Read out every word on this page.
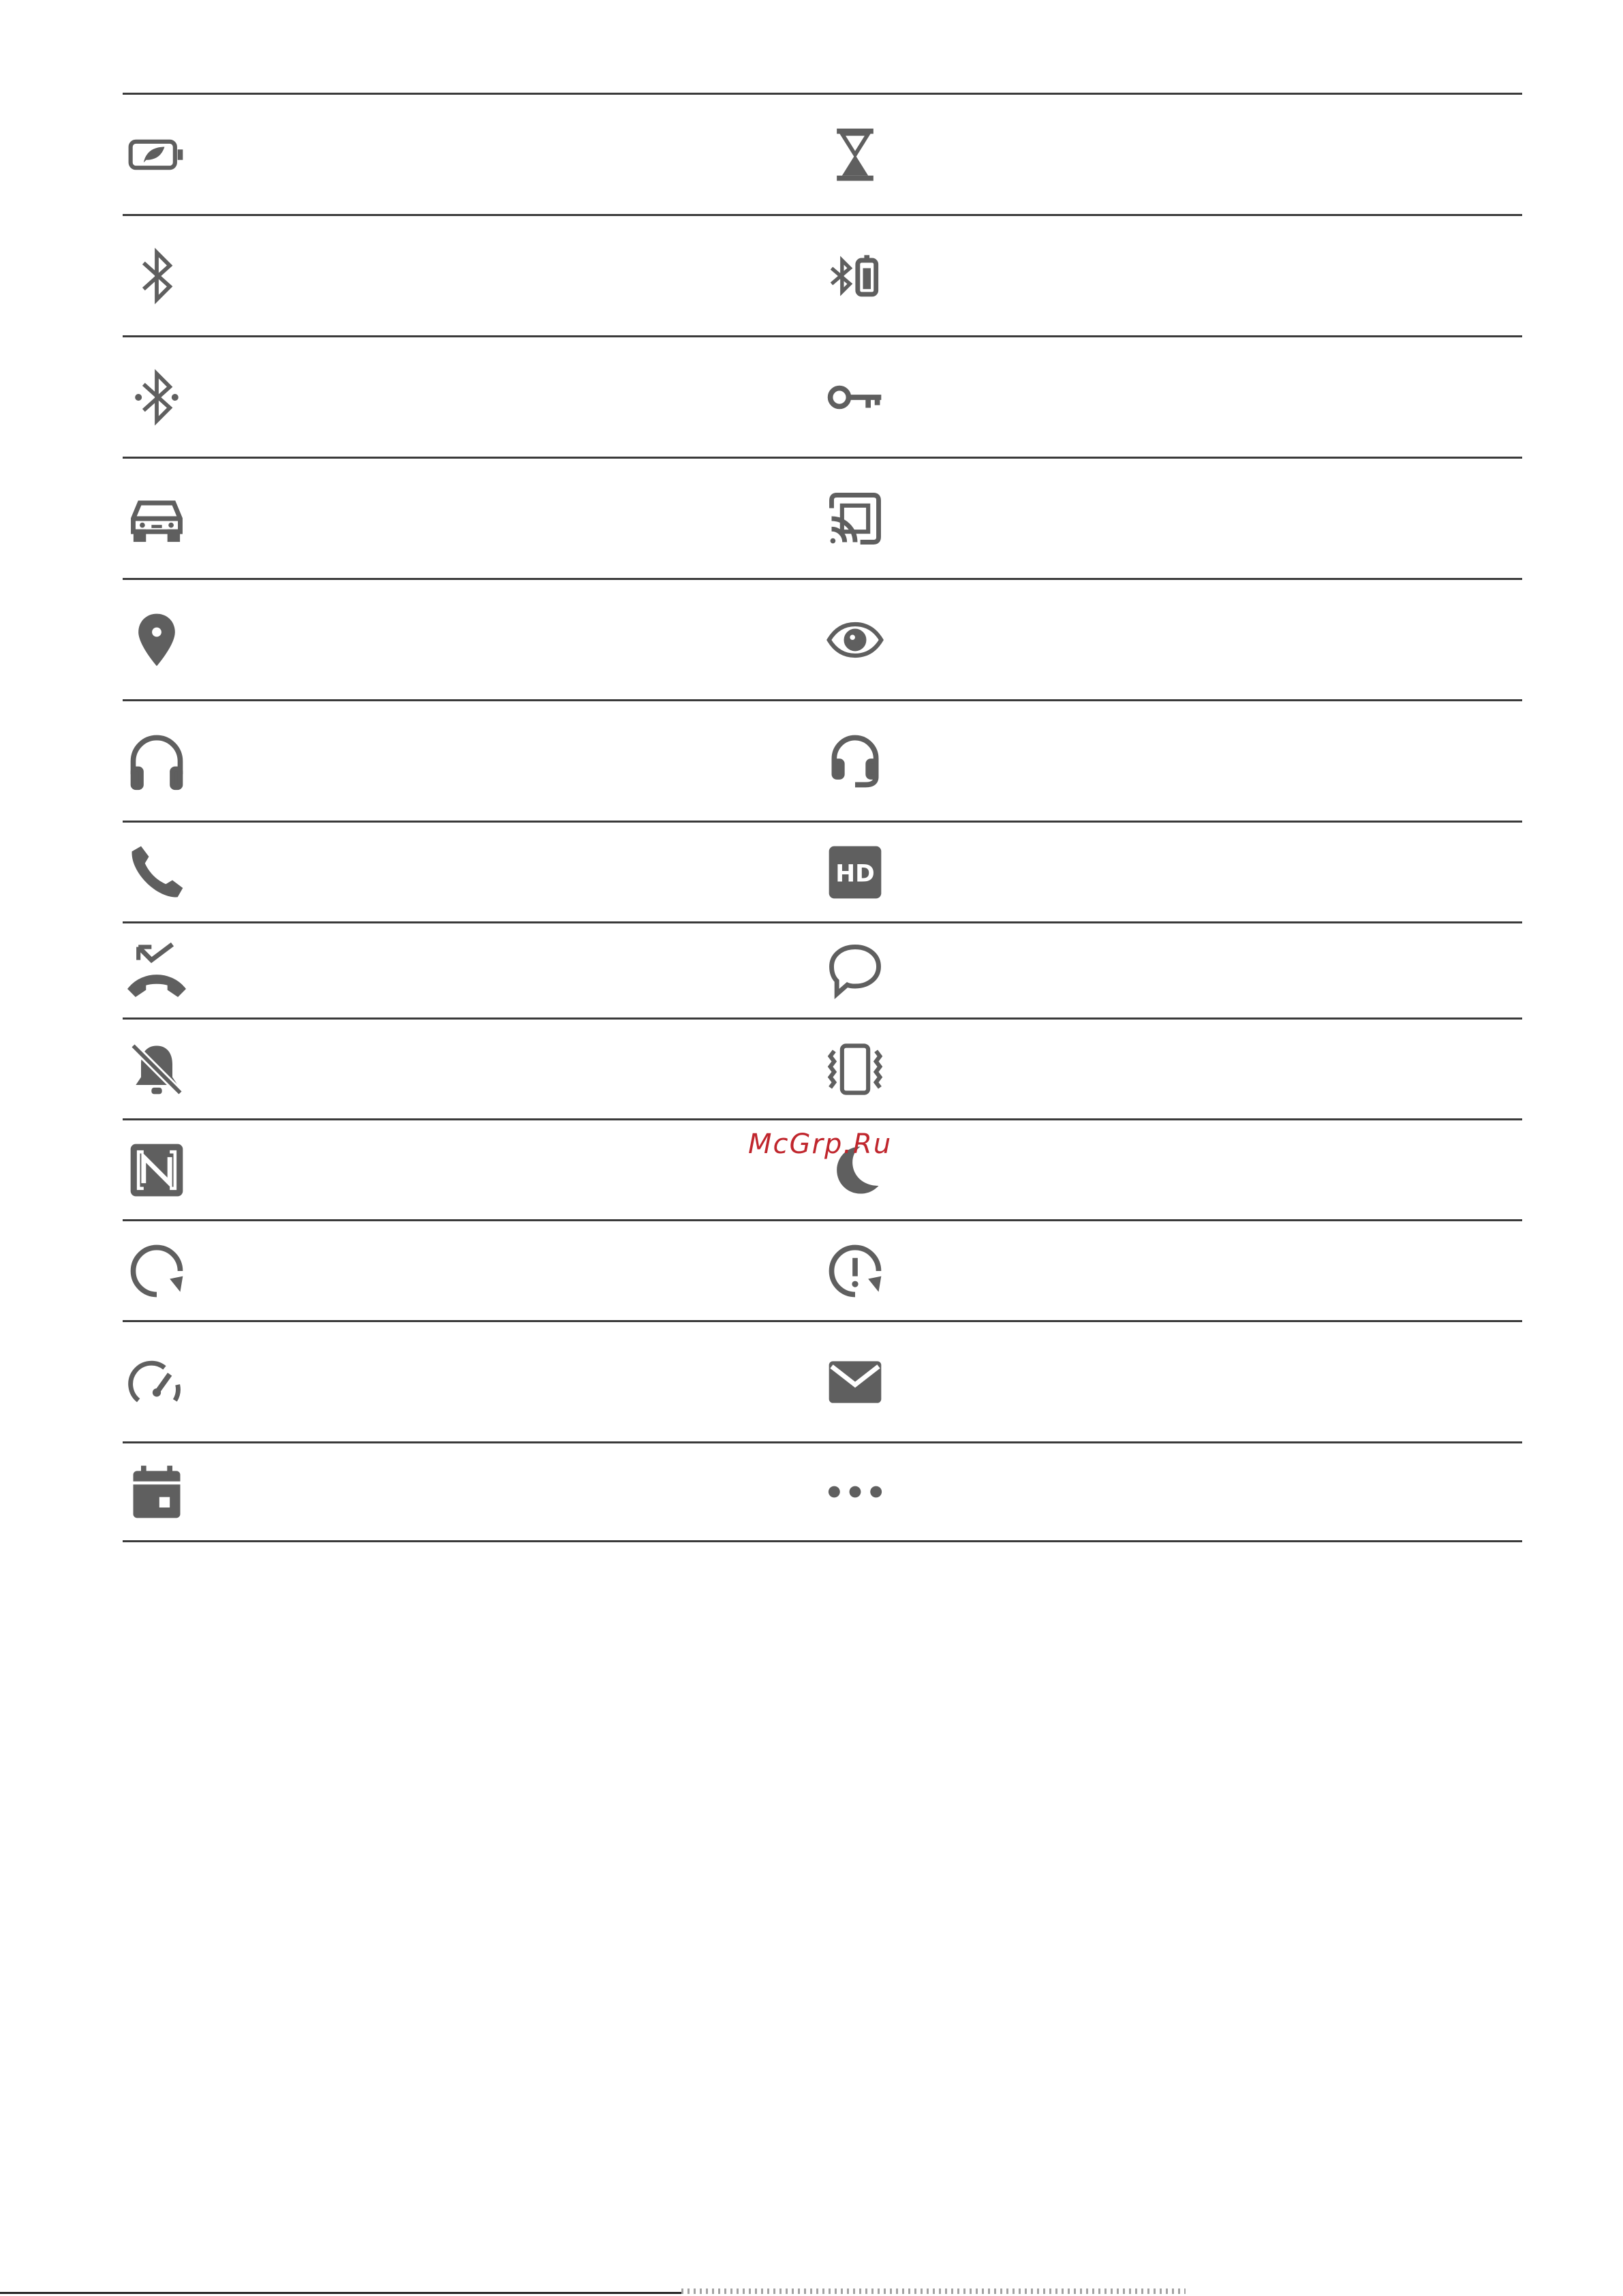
HD
McGrp.Ru
